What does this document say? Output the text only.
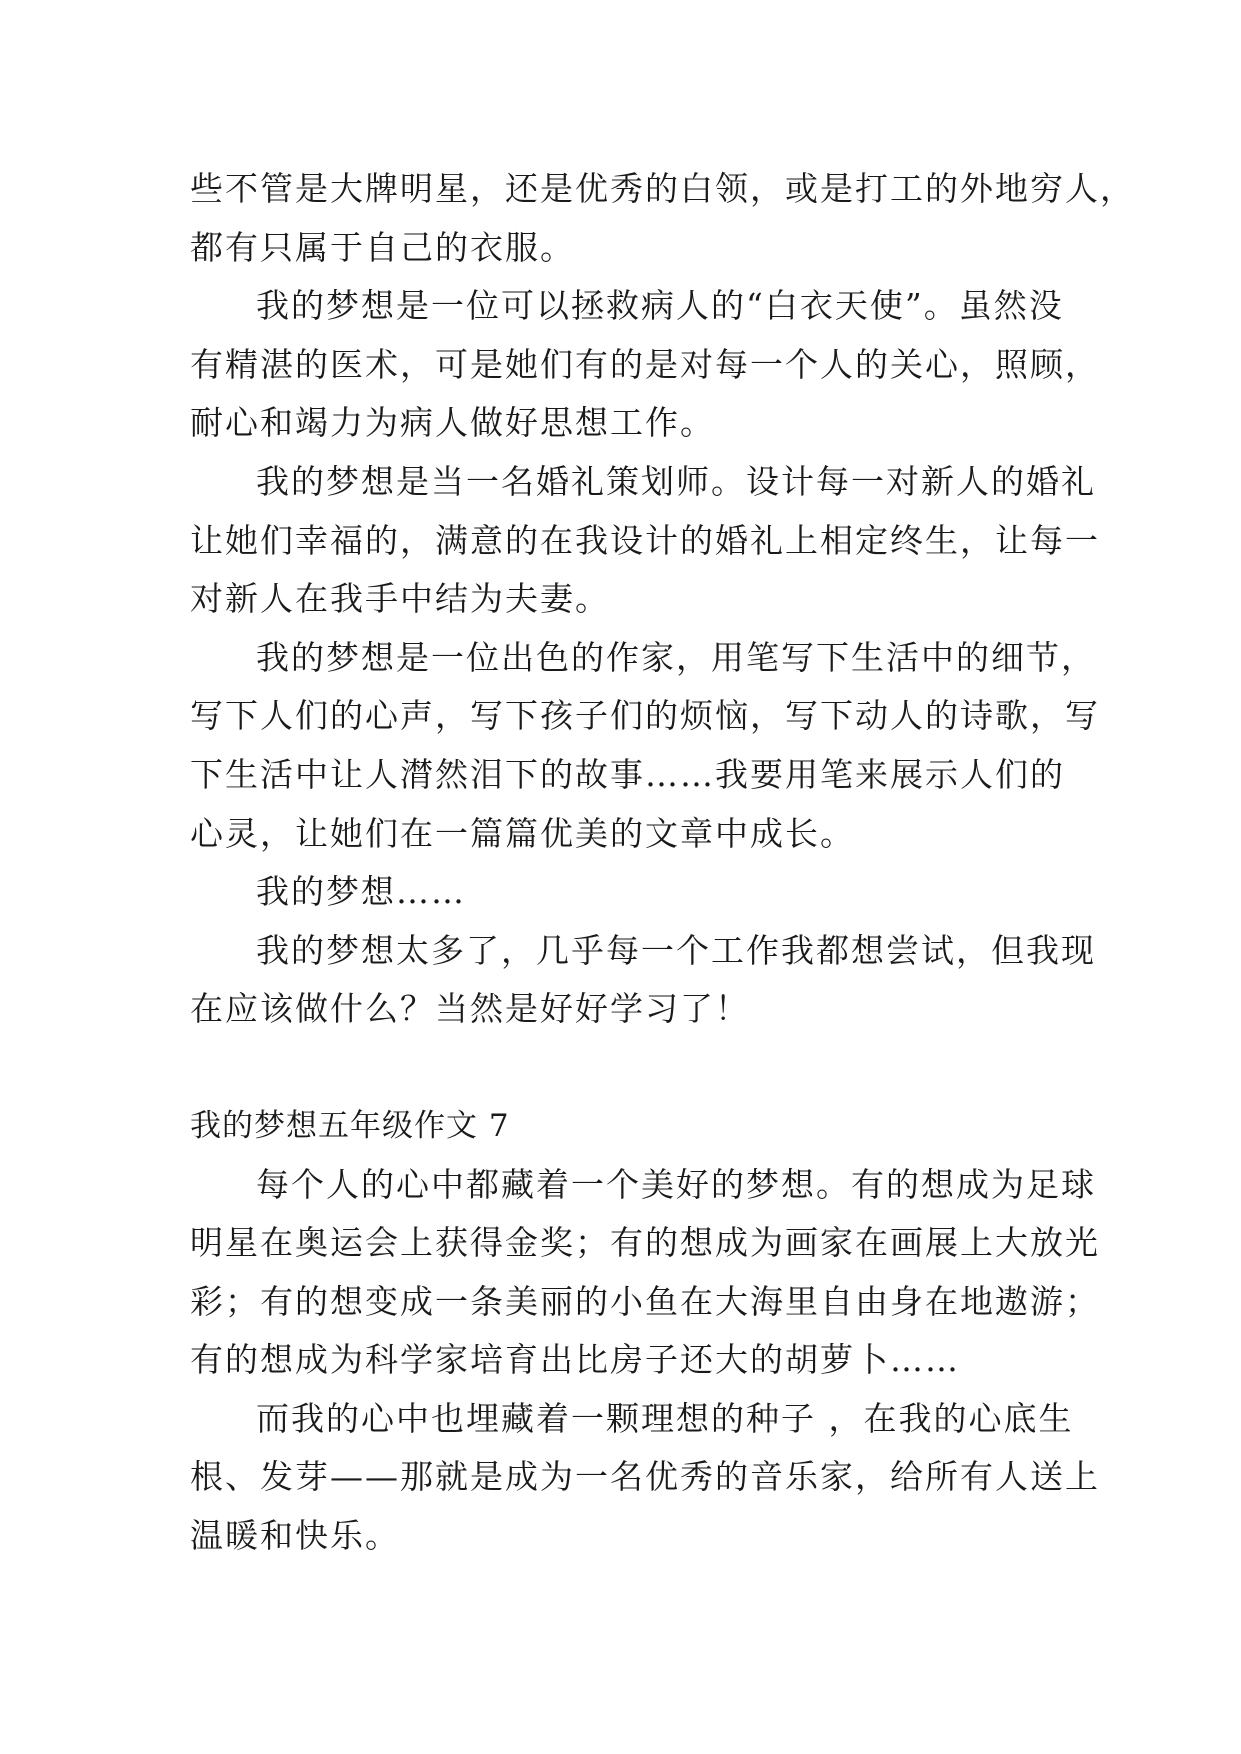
些不管是大牌明星，还是优秀的白领，或是打工的外地穷人，
都有只属于自己的衣服。
我的梦想是一位可以拯救病人的“白衣天使”。虽然没
有精湛的医术，可是她们有的是对每一个人的关心，照顾，
耐心和竭力为病人做好思想工作。
我的梦想是当一名婚礼策划师。设计每一对新人的婚礼
让她们幸福的，满意的在我设计的婚礼上相定终生，让每一
对新人在我手中结为夫妻。
我的梦想是一位出色的作家，用笔写下生活中的细节，
写下人们的心声，写下孩子们的烦恼，写下动人的诗歌，写
下生活中让人潸然泪下的故事……我要用笔来展示人们的
心灵，让她们在一篇篇优美的文章中成长。
我的梦想……
我的梦想太多了，几乎每一个工作我都想尝试，但我现
在应该做什么？当然是好好学习了！
我的梦想五年级作文 7
每个人的心中都藏着一个美好的梦想。有的想成为足球
明星在奥运会上获得金奖；有的想成为画家在画展上大放光
彩；有的想变成一条美丽的小鱼在大海里自由身在地遨游；
有的想成为科学家培育出比房子还大的胡萝卜……
而我的心中也埋藏着一颗理想的种子 ，在我的心底生
根、发芽——那就是成为一名优秀的音乐家，给所有人送上
温暖和快乐。
